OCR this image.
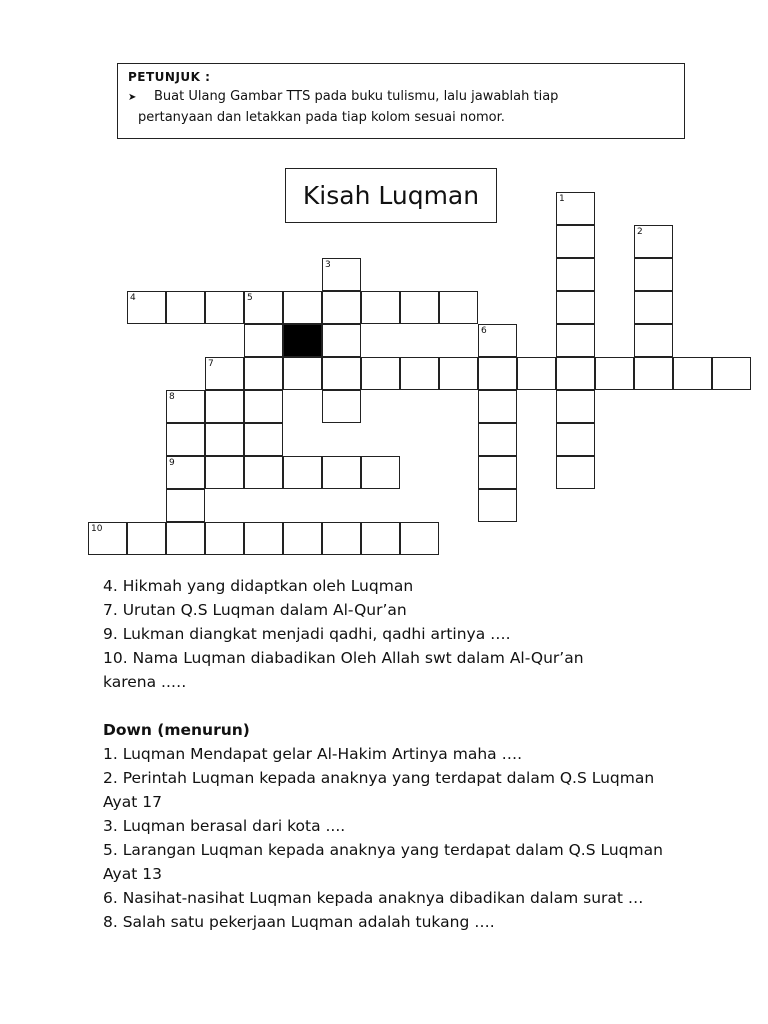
PETUNJUK :
➤ Buat Ulang Gambar TTS pada buku tulismu, lalu jawablah tiap
pertanyaan dan letakkan pada tiap kolom sesuai nomor.
Kisah Luqman
4	5
7
9
10
1
2
3
6
8
4. Hikmah yang didaptkan oleh Luqman
7. Urutan Q.S Luqman dalam Al-Qur’an
9. Lukman diangkat menjadi qadhi, qadhi artinya ….
10. Nama Luqman diabadikan Oleh Allah swt dalam Al-Qur’an
karena ..…
Down (menurun)
1. Luqman Mendapat gelar Al-Hakim Artinya maha ….
2. Perintah Luqman kepada anaknya yang terdapat dalam Q.S Luqman
Ayat 17
3. Luqman berasal dari kota ....
5. Larangan Luqman kepada anaknya yang terdapat dalam Q.S Luqman
Ayat 13
6. Nasihat-nasihat Luqman kepada anaknya dibadikan dalam surat …
8. Salah satu pekerjaan Luqman adalah tukang ….
